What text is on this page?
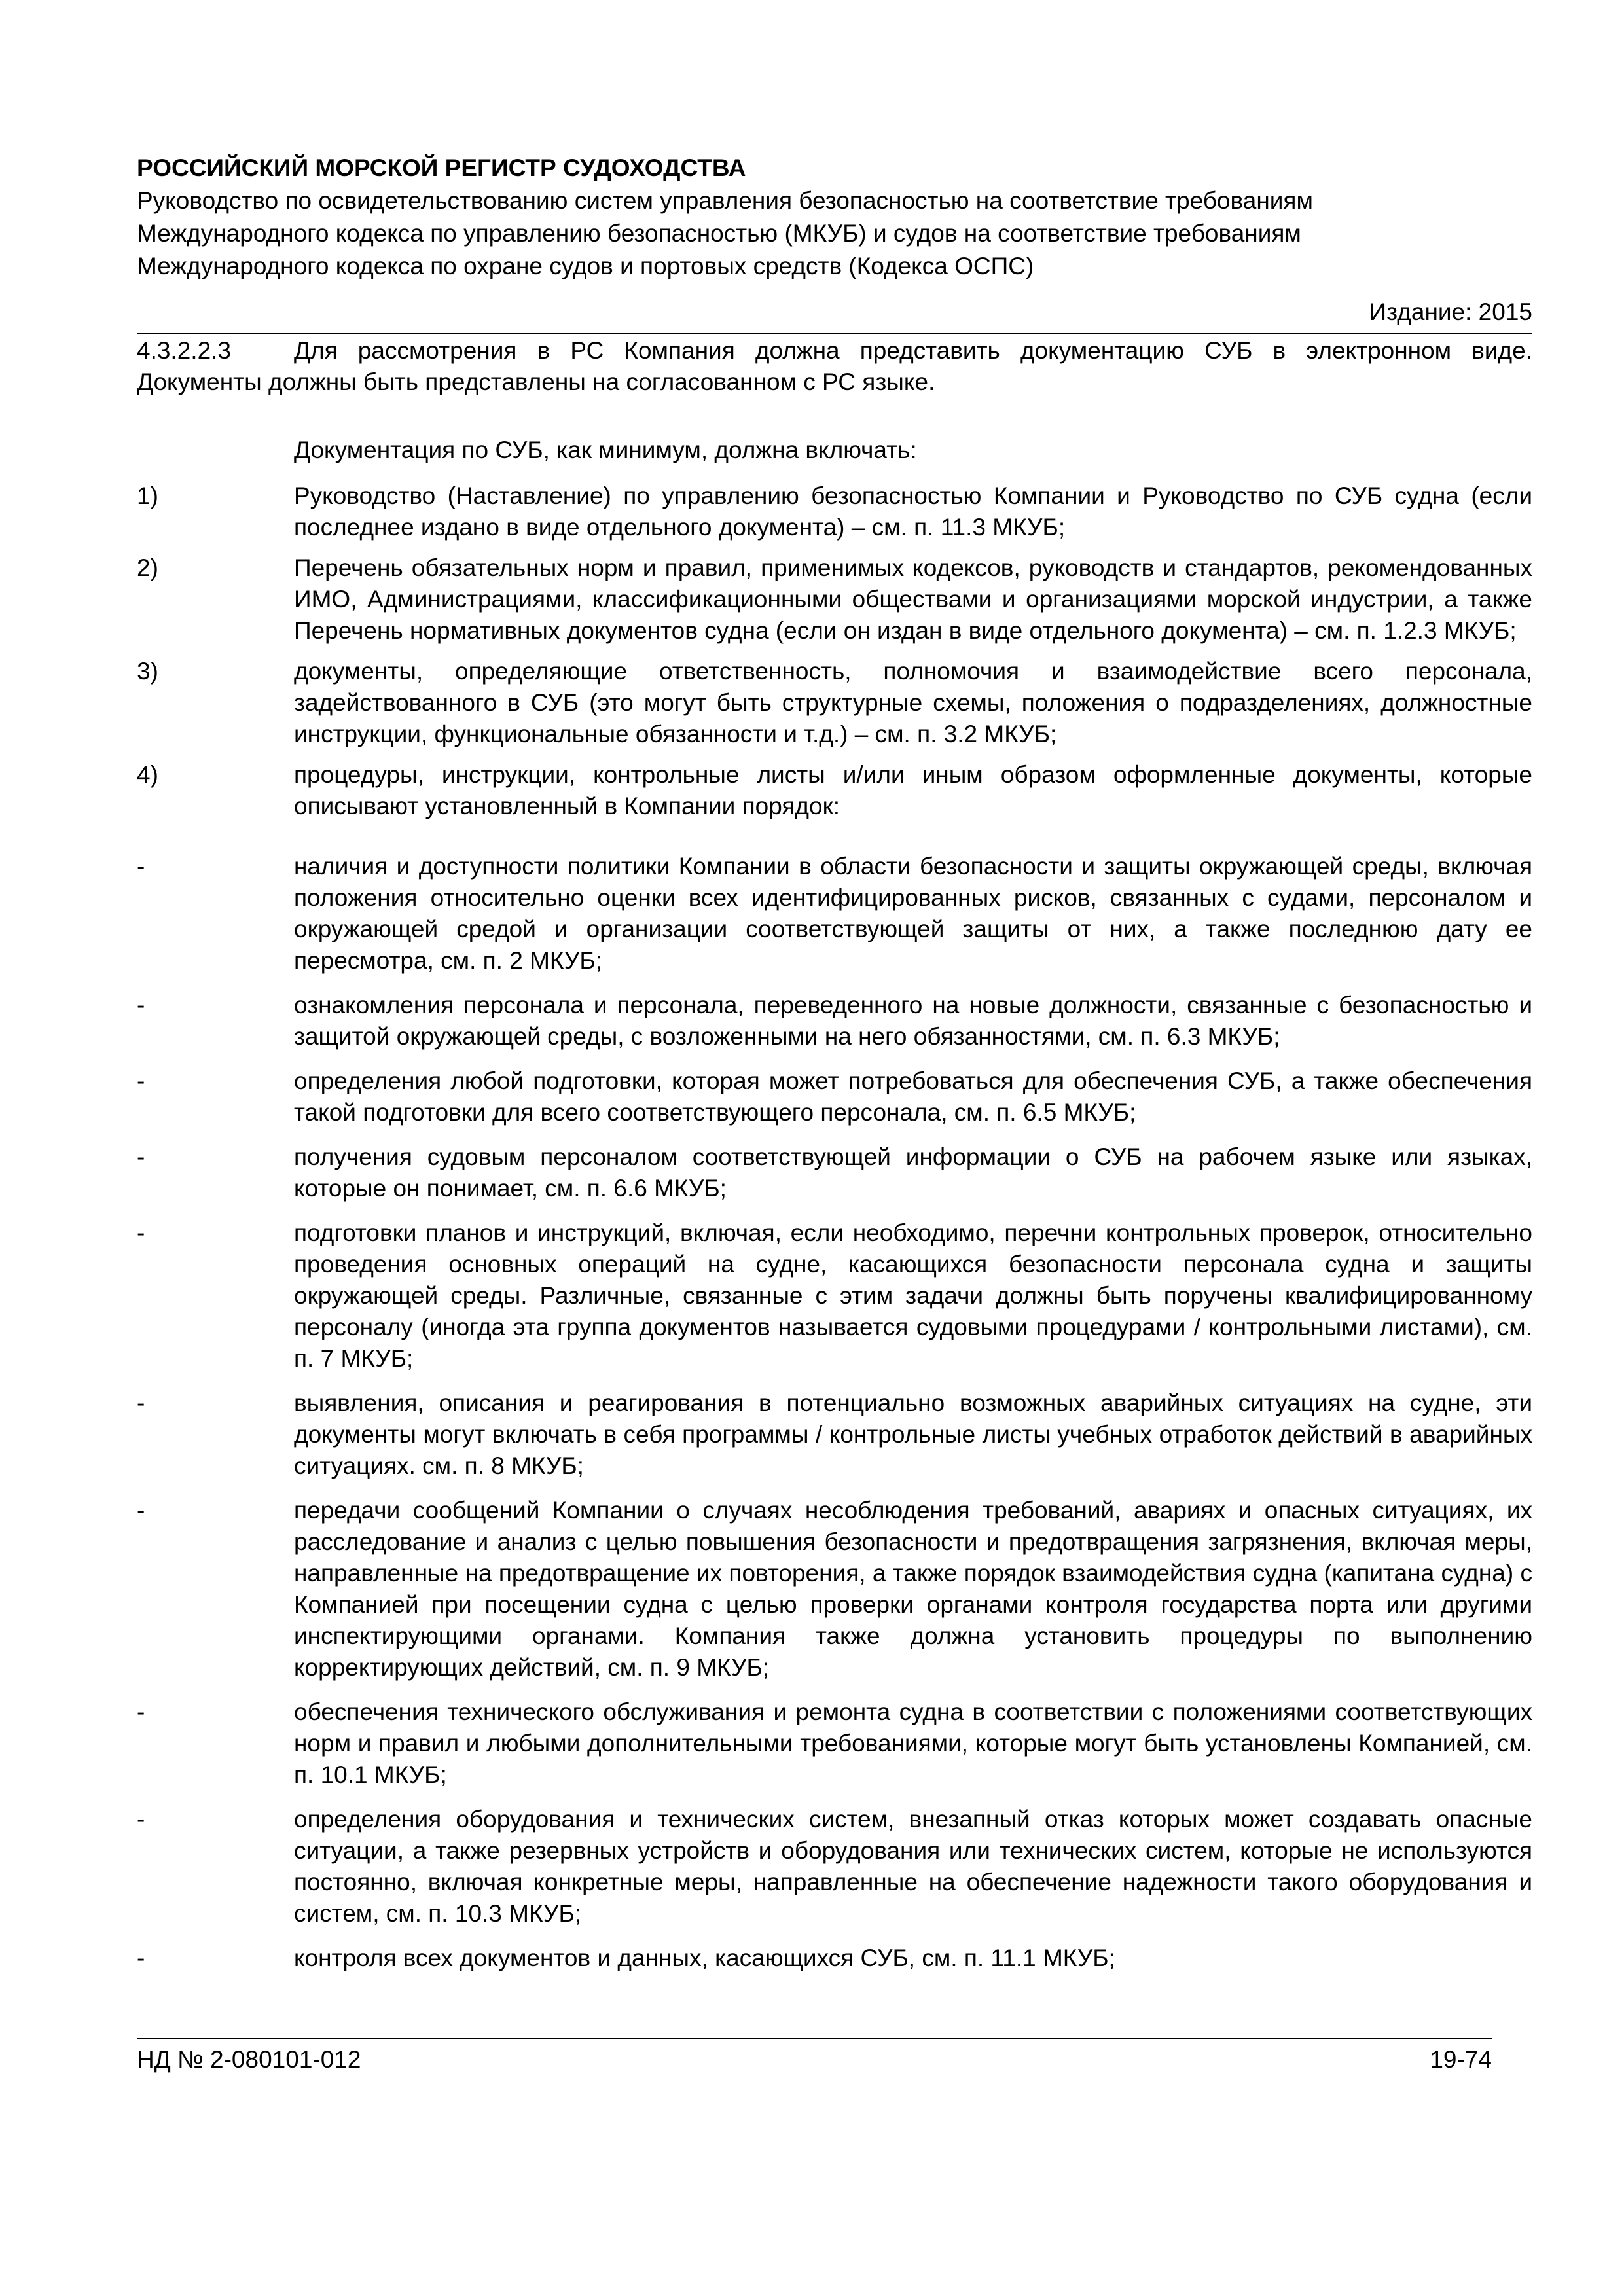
РОССИЙСКИЙ МОРСКОЙ РЕГИСТР СУДОХОДСТВА
Руководство по освидетельствованию систем управления безопасностью на соответствие требованиям
Международного кодекса по управлению безопасностью (МКУБ) и судов на соответствие требованиям
Международного кодекса по охране судов и портовых средств (Кодекса ОСПС)
Издание: 2015
4.3.2.2.3	Для рассмотрения в РС Компания должна представить документацию СУБ в электронном виде.
Документы должны быть представлены на согласованном с РС языке.
Документация по СУБ, как минимум, должна включать:
1)	Руководство (Наставление) по управлению безопасностью Компании и Руководство по СУБ судна (если последнее издано в виде отдельного документа) – см. п. 11.3 МКУБ;
2)	Перечень обязательных норм и правил, применимых кодексов, руководств и стандартов, рекомендованных ИМО, Администрациями, классификационными обществами и организациями морской индустрии, а также Перечень нормативных документов судна (если он издан в виде отдельного документа) – см. п. 1.2.3 МКУБ;
3)	документы, определяющие ответственность, полномочия и взаимодействие всего персонала, задействованного в СУБ (это могут быть структурные схемы, положения о подразделениях, должностные инструкции, функциональные обязанности и т.д.) – см. п. 3.2 МКУБ;
4)	процедуры, инструкции, контрольные листы и/или иным образом оформленные документы, которые описывают установленный в Компании порядок:
-	наличия и доступности политики Компании в области безопасности и защиты окружающей среды, включая положения относительно оценки всех идентифицированных рисков, связанных с судами, персоналом и окружающей средой и организации соответствующей защиты от них, а также последнюю дату ее пересмотра, см. п. 2 МКУБ;
-	ознакомления персонала и персонала, переведенного на новые должности, связанные с безопасностью и защитой окружающей среды, с возложенными на него обязанностями, см. п. 6.3 МКУБ;
-	определения любой подготовки, которая может потребоваться для обеспечения СУБ, а также обеспечения такой подготовки для всего соответствующего персонала, см. п. 6.5 МКУБ;
-	получения судовым персоналом соответствующей информации о СУБ на рабочем языке или языках, которые он понимает, см. п. 6.6 МКУБ;
-	подготовки планов и инструкций, включая, если необходимо, перечни контрольных проверок, относительно проведения основных операций на судне, касающихся безопасности персонала судна и защиты окружающей среды. Различные, связанные с этим задачи должны быть поручены квалифицированному персоналу (иногда эта группа документов называется судовыми процедурами / контрольными листами), см. п. 7 МКУБ;
-	выявления, описания и реагирования в потенциально возможных аварийных ситуациях на судне, эти документы могут включать в себя программы / контрольные листы учебных отработок действий в аварийных ситуациях. см. п. 8 МКУБ;
-	передачи сообщений Компании о случаях несоблюдения требований, авариях и опасных ситуациях, их расследование и анализ с целью повышения безопасности и предотвращения загрязнения, включая меры, направленные на предотвращение их повторения, а также порядок взаимодействия судна (капитана судна) с Компанией при посещении судна с целью проверки органами контроля государства порта или другими инспектирующими органами. Компания также должна установить процедуры по выполнению корректирующих действий, см. п. 9 МКУБ;
-	обеспечения технического обслуживания и ремонта судна в соответствии с положениями соответствующих норм и правил и любыми дополнительными требованиями, которые могут быть установлены Компанией, см. п. 10.1 МКУБ;
-	определения оборудования и технических систем, внезапный отказ которых может создавать опасные ситуации, а также резервных устройств и оборудования или технических систем, которые не используются постоянно, включая конкретные меры, направленные на обеспечение надежности такого оборудования и систем, см. п. 10.3 МКУБ;
-	контроля всех документов и данных, касающихся СУБ, см. п. 11.1 МКУБ;
НД № 2-080101-012	19-74
